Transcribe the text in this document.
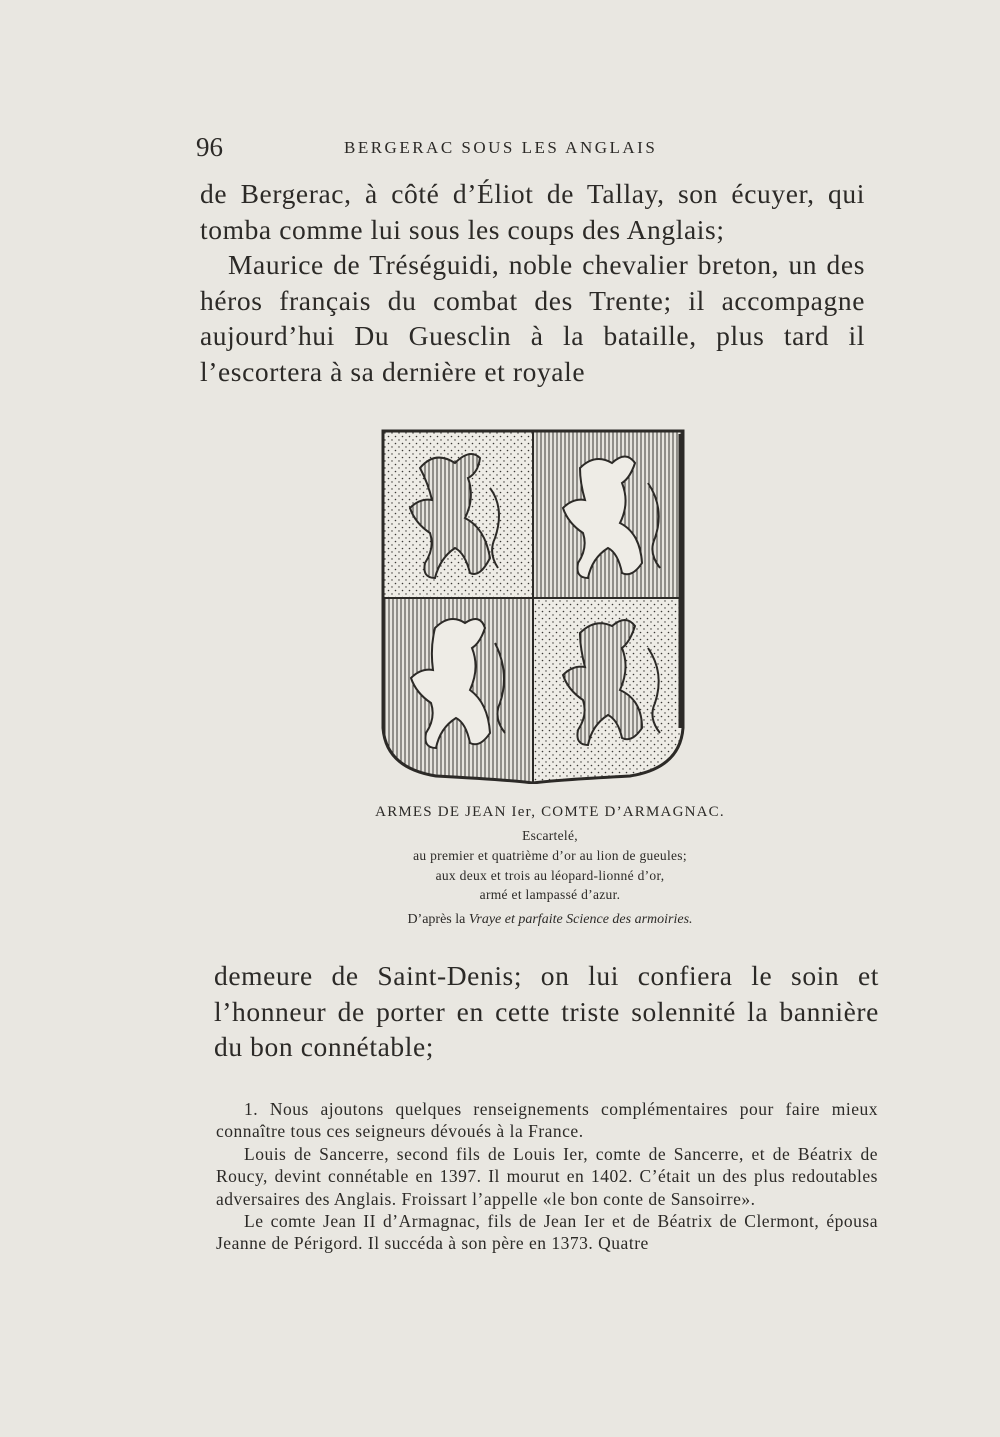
96	BERGERAC SOUS LES ANGLAIS

de Bergerac, à côté d’Éliot de Tallay, son écuyer, qui tomba comme lui sous les coups des Anglais;

Maurice de Tréséguidi, noble chevalier breton, un des héros français du combat des Trente; il accompagne aujourd’hui Du Guesclin à la bataille, plus tard il l’escortera à sa dernière et royale

ARMES DE JEAN Ier, COMTE D’ARMAGNAC.
Escartelé,
au premier et quatrième d’or au lion de gueules;
aux deux et trois au léopard-lionné d’or,
armé et lampassé d’azur.
D’après la Vraye et parfaite Science des armoiries.

demeure de Saint-Denis; on lui confiera le soin et l’honneur de porter en cette triste solennité la bannière du bon connétable;

1. Nous ajoutons quelques renseignements complémentaires pour faire mieux connaître tous ces seigneurs dévoués à la France.

Louis de Sancerre, second fils de Louis Ier, comte de Sancerre, et de Béatrix de Roucy, devint connétable en 1397. Il mourut en 1402. C’était un des plus redoutables adversaires des Anglais. Froissart l’appelle «le bon conte de Sansoirre».

Le comte Jean II d’Armagnac, fils de Jean Ier et de Béatrix de Clermont, épousa Jeanne de Périgord. Il succéda à son père en 1373. Quatre
